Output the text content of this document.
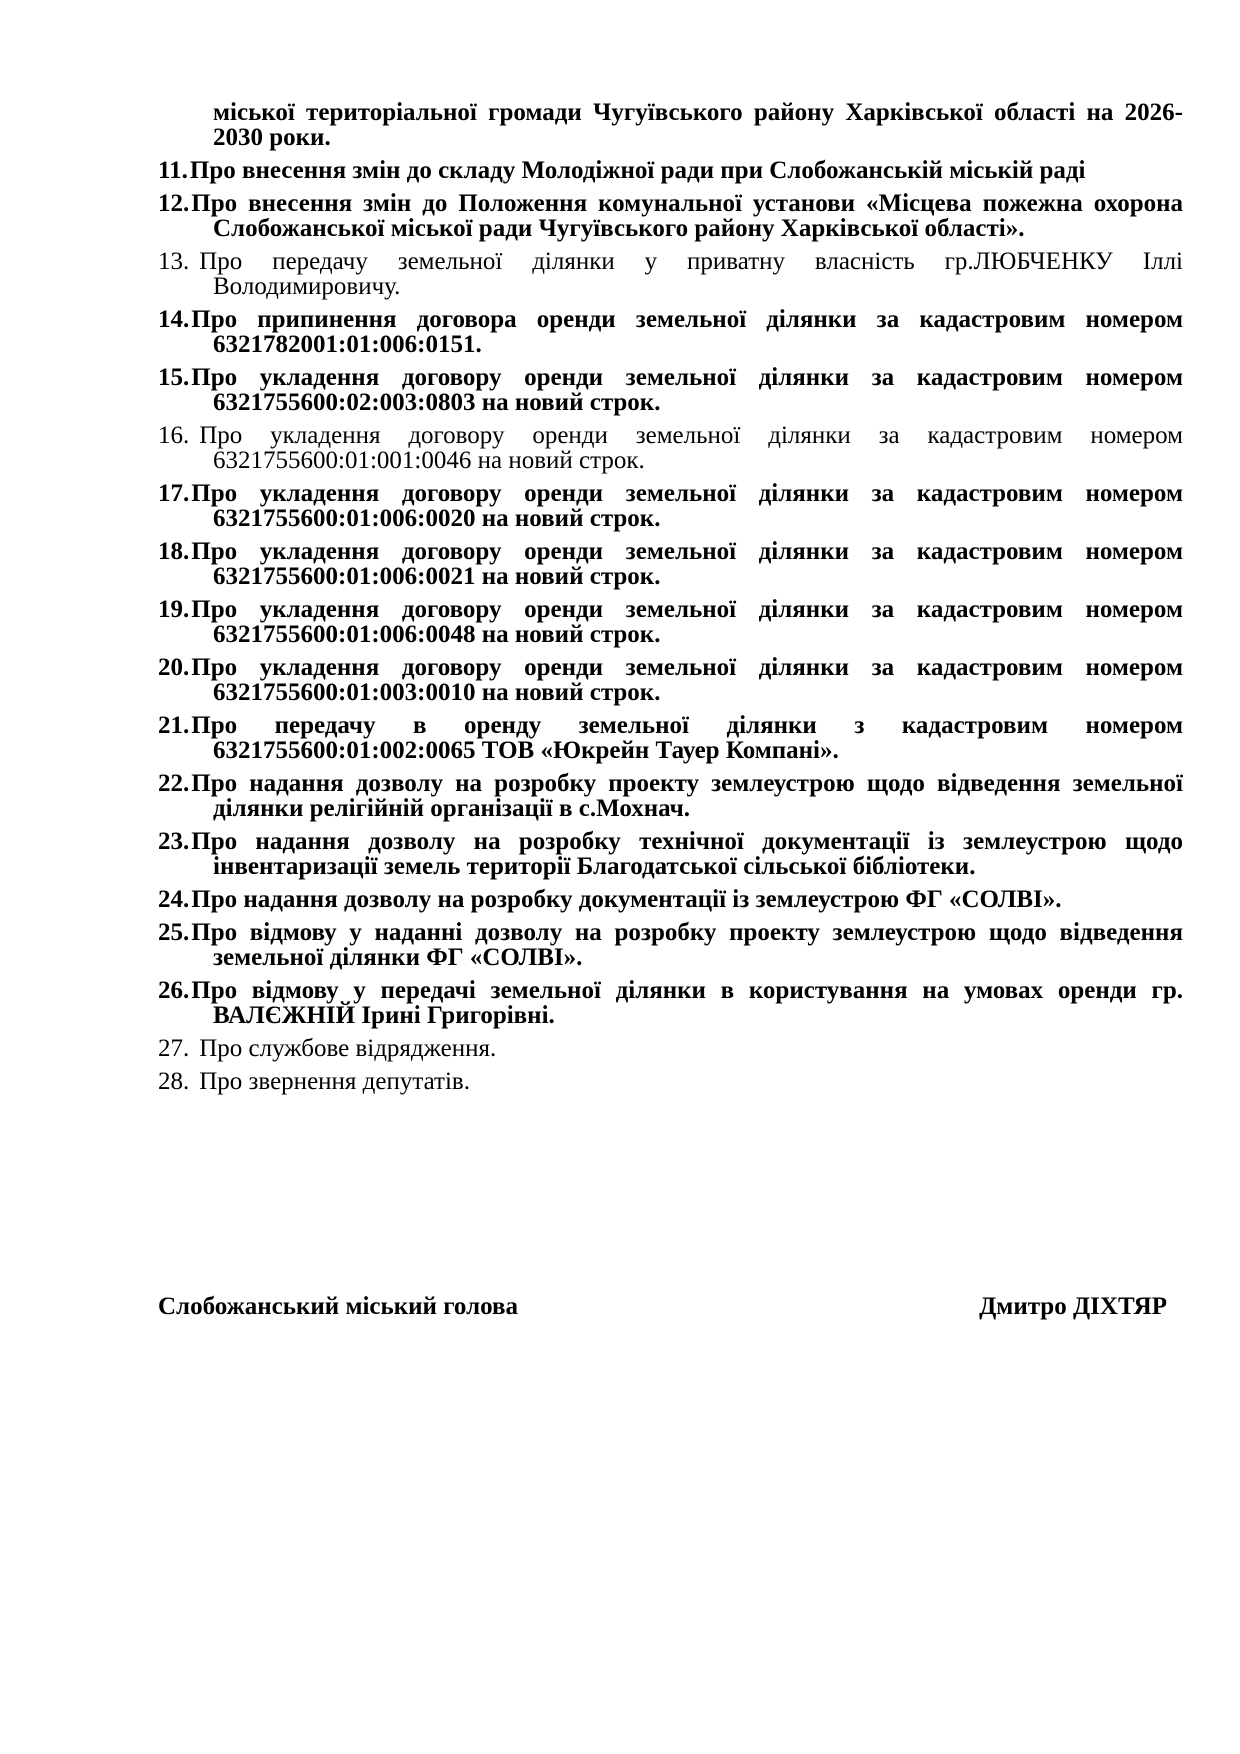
міської територіальної громади Чугуївського району Харківської області на 2026-2030 роки.
11.Про внесення змін до складу Молодіжної ради при Слобожанській міській раді
12.Про внесення змін до Положення комунальної установи «Місцева пожежна охорона Слобожанської міської ради Чугуївського району Харківської області».
13. Про передачу земельної ділянки у приватну власність гр.ЛЮБЧЕНКУ Іллі Володимировичу.
14.Про припинення договора оренди земельної ділянки за кадастровим номером 6321782001:01:006:0151.
15.Про укладення договору оренди земельної ділянки за кадастровим номером 6321755600:02:003:0803 на новий строк.
16. Про укладення договору оренди земельної ділянки за кадастровим номером 6321755600:01:001:0046 на новий строк.
17.Про укладення договору оренди земельної ділянки за кадастровим номером 6321755600:01:006:0020 на новий строк.
18.Про укладення договору оренди земельної ділянки за кадастровим номером 6321755600:01:006:0021 на новий строк.
19.Про укладення договору оренди земельної ділянки за кадастровим номером 6321755600:01:006:0048 на новий строк.
20.Про укладення договору оренди земельної ділянки за кадастровим номером 6321755600:01:003:0010 на новий строк.
21.Про передачу в оренду земельної ділянки з кадастровим номером 6321755600:01:002:0065 ТОВ «Юкрейн Тауер Компані».
22.Про надання дозволу на розробку проекту землеустрою щодо відведення земельної ділянки релігійній організації в с.Мохнач.
23.Про надання дозволу на розробку технічної документації із землеустрою щодо інвентаризації земель території Благодатської сільської бібліотеки.
24.Про надання дозволу на розробку документації із землеустрою ФГ «СОЛВІ».
25.Про відмову у наданні дозволу на розробку проекту землеустрою щодо відведення земельної ділянки ФГ «СОЛВІ».
26.Про відмову у передачі земельної ділянки в користування на умовах оренди гр. ВАЛЄЖНІЙ Ірині Григорівні.
27. Про службове відрядження.
28. Про звернення депутатів.
Слобожанський міський голова	Дмитро ДІХТЯР
